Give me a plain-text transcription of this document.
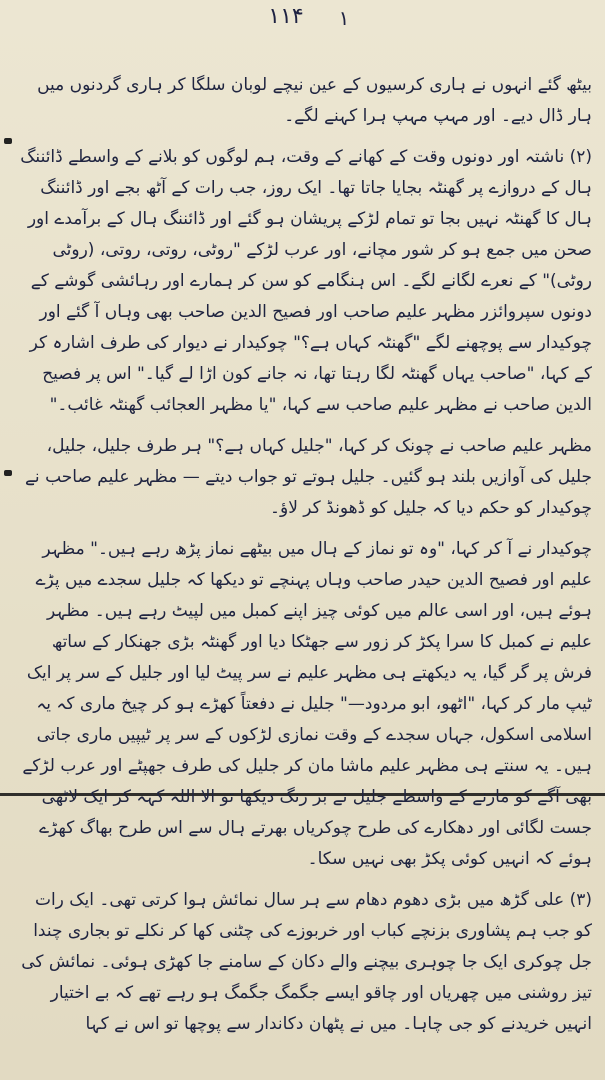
۱۱۴	۱

بیٹھ گئے انہوں نے ہاری کرسیوں کے عین نیچے لوبان سلگا کر ہاری گردنوں میں ہار ڈال دیے۔ اور مہپ مہپ ہرا کہنے لگے۔

(۲) ناشتہ اور دونوں وقت کے کھانے کے وقت، ہم لوگوں کو بلانے کے واسطے ڈائننگ ہال کے دروازے پر گھنٹہ بجایا جاتا تھا۔ ایک روز، جب رات کے آٹھ بجے اور ڈائننگ ہال کا گھنٹہ نہیں بجا تو تمام لڑکے پریشان ہو گئے اور ڈائننگ ہال کے برآمدے اور صحن میں جمع ہو کر شور مچانے، اور عرب لڑکے "روٹی، روتی، روتی، (روٹی روٹی)" کے نعرے لگانے لگے۔ اس ہنگامے کو سن کر ہمارے اور رہائشی گوشے کے دونوں سپروائزر مظہر علیم صاحب اور فصیح الدین صاحب بھی وہاں آ گئے اور چوکیدار سے پوچھنے لگے "گھنٹہ کہاں ہے؟" چوکیدار نے دیوار کی طرف اشارہ کر کے کہا، "صاحب یہاں گھنٹہ لگا رہتا تھا، نہ جانے کون اڑا لے گیا۔" اس پر فصیح الدین صاحب نے مظہر علیم صاحب سے کہا، "یا مظہر العجائب گھنٹہ غائب۔"

مظہر علیم صاحب نے چونک کر کہا، "جلیل کہاں ہے؟" ہر طرف جلیل، جلیل، جلیل کی آوازیں بلند ہو گئیں۔ جلیل ہوتے تو جواب دیتے — مظہر علیم صاحب نے چوکیدار کو حکم دیا کہ جلیل کو ڈھونڈ کر لاؤ۔

چوکیدار نے آ کر کہا، "وہ تو نماز کے ہال میں بیٹھے نماز پڑھ رہے ہیں۔" مظہر علیم اور فصیح الدین حیدر صاحب وہاں پہنچے تو دیکھا کہ جلیل سجدے میں پڑے ہوئے ہیں، اور اسی عالم میں کوئی چیز اپنے کمبل میں لپیٹ رہے ہیں۔ مظہر علیم نے کمبل کا سرا پکڑ کر زور سے جھٹکا دیا اور گھنٹہ بڑی جھنکار کے ساتھ فرش پر گر گیا، یہ دیکھتے ہی مظہر علیم نے سر پیٹ لیا اور جلیل کے سر پر ایک ٹیپ مار کر کہا، "اٹھو، ابو مردود—" جلیل نے دفعتاً کھڑے ہو کر چیخ ماری کہ یہ اسلامی اسکول، جہاں سجدے کے وقت نمازی لڑکوں کے سر پر ٹیپیں ماری جاتی ہیں۔ یہ سنتے ہی مظہر علیم ماشا مان کر جلیل کی طرف جھپٹے اور عرب لڑکے بھی آگے کو مارنے کے واسطے جلیل نے بر رنگ دیکھا تو الا اللہ کہہ کر ایک لاٹھی جست لگائی اور دھکارے کی طرح چوکریاں بھرتے ہال سے اس طرح بھاگ کھڑے ہوئے کہ انہیں کوئی پکڑ بھی نہیں سکا۔

(۳) علی گڑھ میں بڑی دھوم دھام سے ہر سال نمائش ہوا کرتی تھی۔ ایک رات کو جب ہم پشاوری بزنچے کباب اور خربوزے کی چٹنی کھا کر نکلے تو بجاری چندا جل چوکری ایک جا چوہری بیچنے والے دکان کے سامنے جا کھڑی ہوئی۔ نمائش کی تیز روشنی میں چھریاں اور چاقو ایسے جگمگ جگمگ ہو رہے تھے کہ بے اختیار انہیں خریدنے کو جی چاہا۔ میں نے پٹھان دکاندار سے پوچھا تو اس نے کہا
